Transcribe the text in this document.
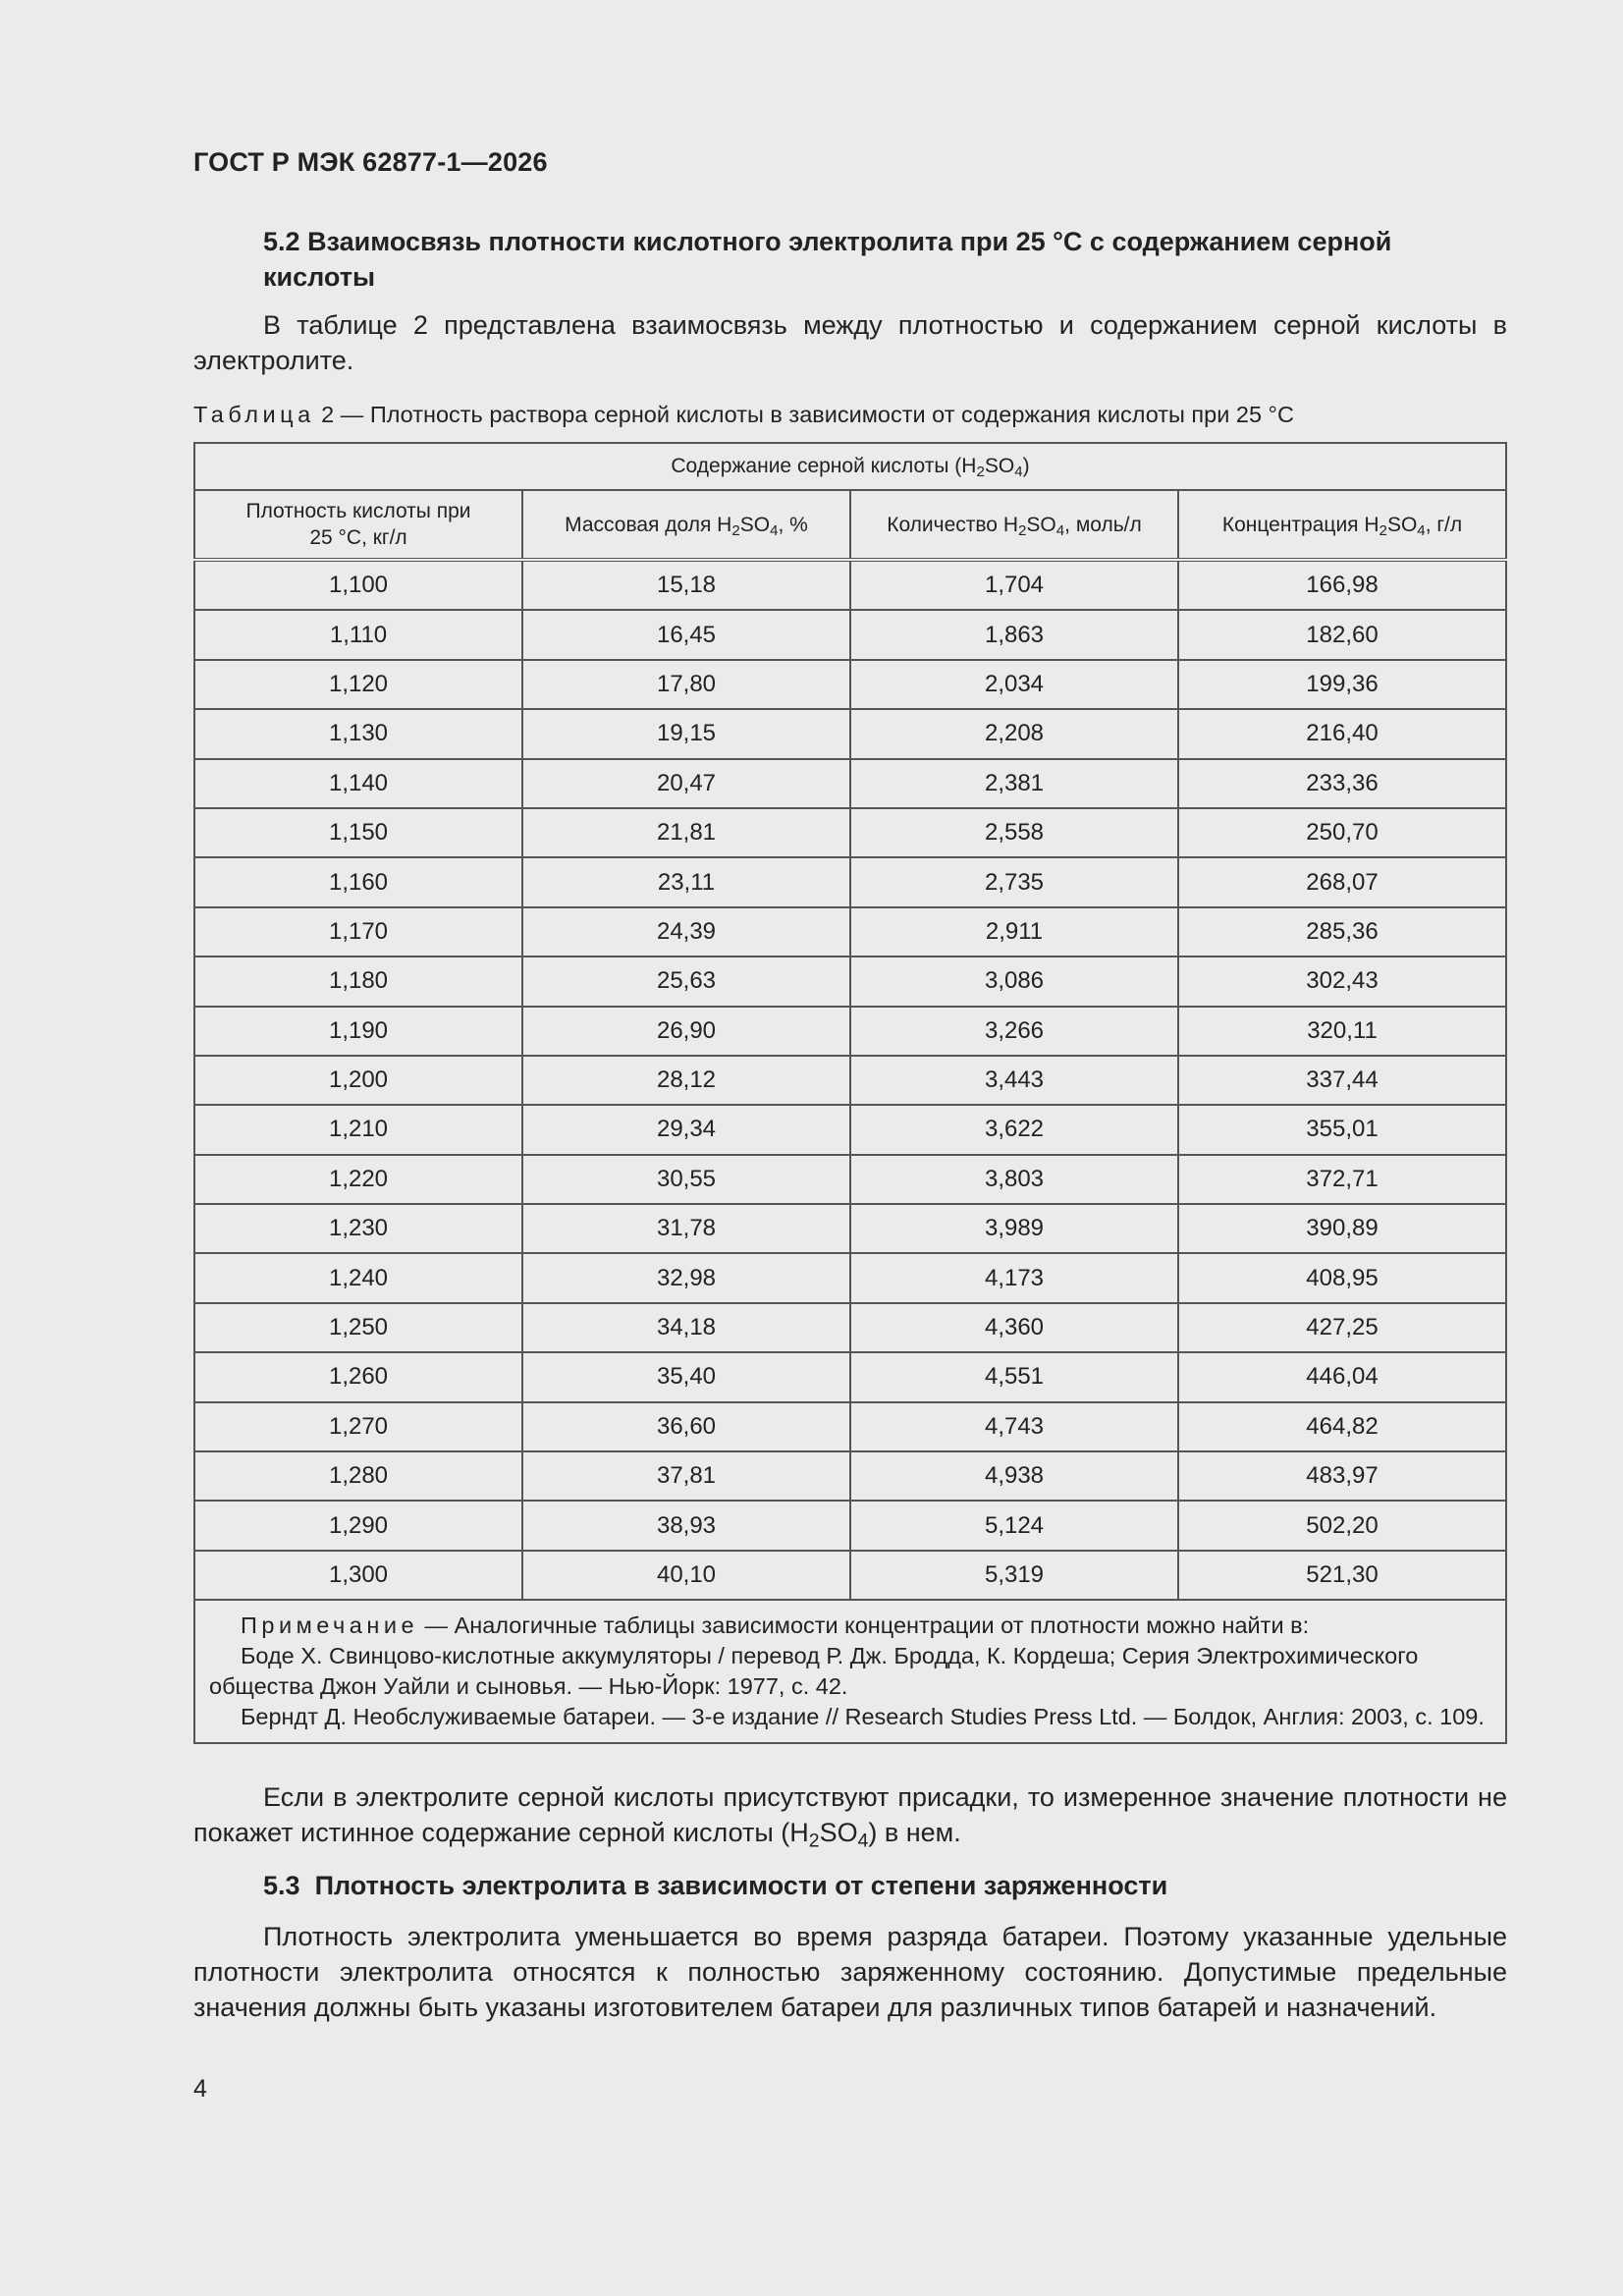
ГОСТ Р МЭК 62877-1—2026
5.2 Взаимосвязь плотности кислотного электролита при 25 °C с содержанием серной кислоты
В таблице 2 представлена взаимосвязь между плотностью и содержанием серной кислоты в электролите.
Таблица 2 — Плотность раствора серной кислоты в зависимости от содержания кислоты при 25 °C
Содержание серной кислоты $(H_2SO_4)$			
Плотность кислоты при 25 °C, кг/л	Массовая доля $H_2SO_4$, %	Количество $H_2SO_4$, моль/л	Концентрация $H_2SO_4$, г/л
1,100	15,18	1,704	166,98
1,110	16,45	1,863	182,60
1,120	17,80	2,034	199,36
1,130	19,15	2,208	216,40
1,140	20,47	2,381	233,36
1,150	21,81	2,558	250,70
1,160	23,11	2,735	268,07
1,170	24,39	2,911	285,36
1,180	25,63	3,086	302,43
1,190	26,90	3,266	320,11
1,200	28,12	3,443	337,44
1,210	29,34	3,622	355,01
1,220	30,55	3,803	372,71
1,230	31,78	3,989	390,89
1,240	32,98	4,173	408,95
1,250	34,18	4,360	427,25
1,260	35,40	4,551	446,04
1,270	36,60	4,743	464,82
1,280	37,81	4,938	483,97
1,290	38,93	5,124	502,20
1,300	40,10	5,319	521,30

Примечание — Аналогичные таблицы зависимости концентрации от плотности можно найти в:

Боде Х. Свинцово-кислотные аккумуляторы / перевод Р. Дж. Бродда, К. Кордеша; Серия Электрохимического общества Джон Уайли и сыновья. — Нью-Йорк: 1977, с. 42.

Берндт Д. Необслуживаемые батареи. — 3-е издание // Research Studies Press Ltd. — Болдок, Англия: 2003, с. 109.			

Если в электролите серной кислоты присутствуют присадки, то измеренное значение плотности не покажет истинное содержание серной кислоты $(H_2SO_4)$ в нем.
5.3 Плотность электролита в зависимости от степени заряженности
Плотность электролита уменьшается во время разряда батареи. Поэтому указанные удельные плотности электролита относятся к полностью заряженному состоянию. Допустимые предельные значения должны быть указаны изготовителем батареи для различных типов батарей и назначений.
4
